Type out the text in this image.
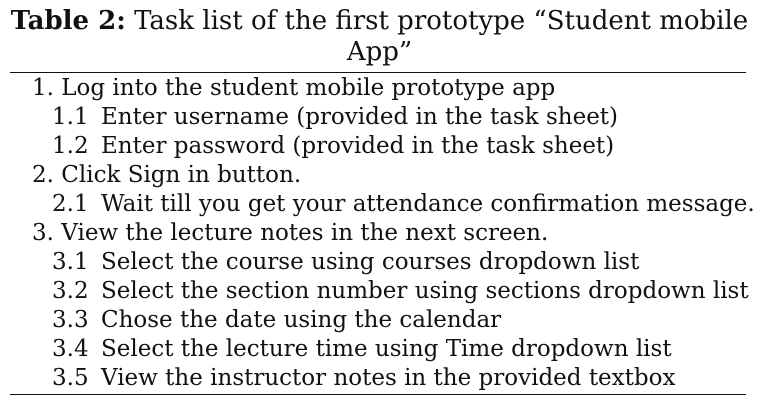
Table 2: Task list of the first prototype “Student mobile
App”

1. Log into the student mobile prototype app
1.1 Enter username (provided in the task sheet)
1.2 Enter password (provided in the task sheet)
2. Click Sign in button.
2.1 Wait till you get your attendance confirmation message.
3. View the lecture notes in the next screen.
3.1 Select the course using courses dropdown list
3.2 Select the section number using sections dropdown list
3.3 Chose the date using the calendar
3.4 Select the lecture time using Time dropdown list
3.5 View the instructor notes in the provided textbox
